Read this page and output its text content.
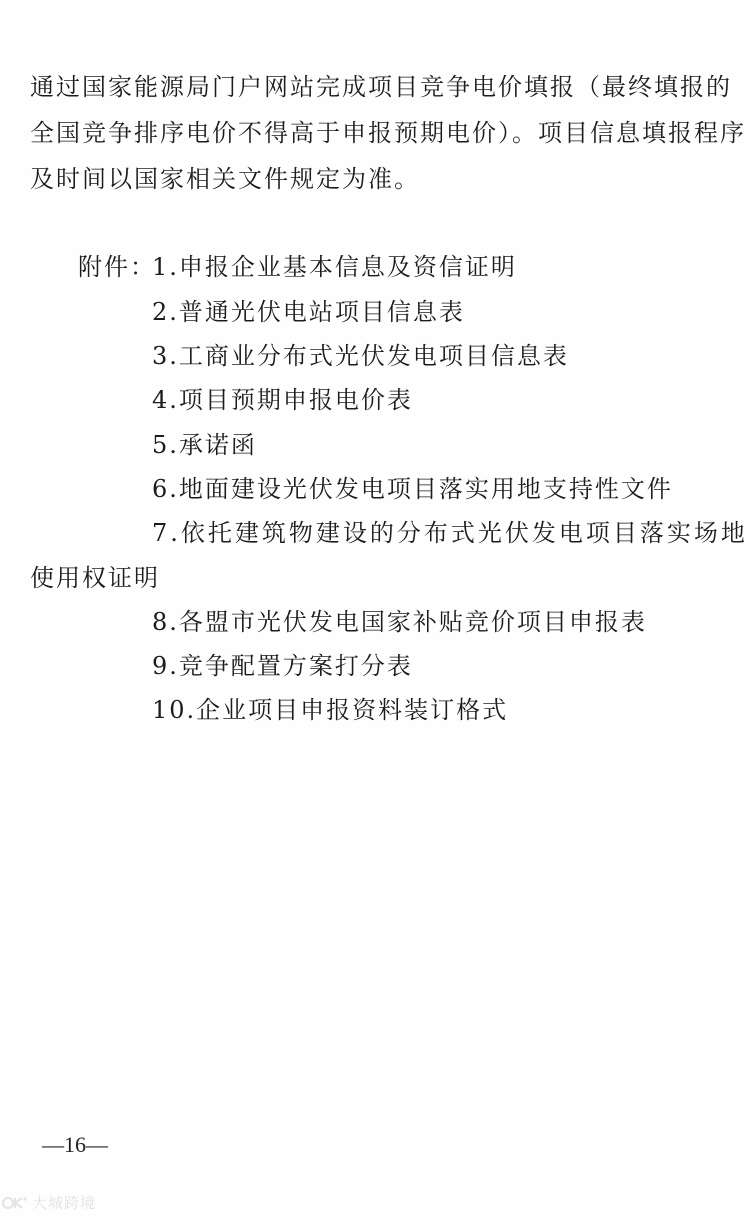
通过国家能源局门户网站完成项目竞争电价填报（最终填报的
全国竞争排序电价不得高于申报预期电价）。项目信息填报程序
及时间以国家相关文件规定为准。
附件：
1.申报企业基本信息及资信证明
2.普通光伏电站项目信息表
3.工商业分布式光伏发电项目信息表
4.项目预期申报电价表
5.承诺函
6.地面建设光伏发电项目落实用地支持性文件
7.依托建筑物建设的分布式光伏发电项目落实场地
使用权证明
8.各盟市光伏发电国家补贴竞价项目申报表
9.竞争配置方案打分表
10.企业项目申报资料装订格式
—16—
大城跨境
